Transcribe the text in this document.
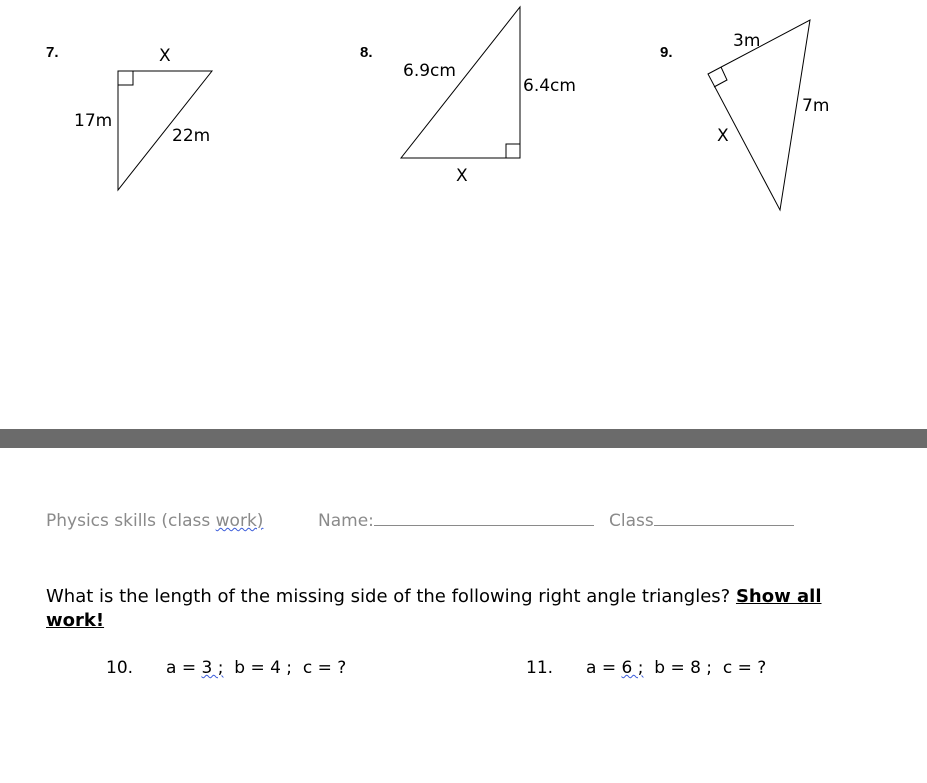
7.	X
17m
22m
8.
6.9cm
6.4cm
X
9.
3m
7m
X
Physics skills (class work)	Name:	Class
What is the length of the missing side of the following right angle triangles? Show all work!
10. a = 3 ;  b = 4 ;  c = ?	11. a = 6 ;  b = 8 ;  c = ?
